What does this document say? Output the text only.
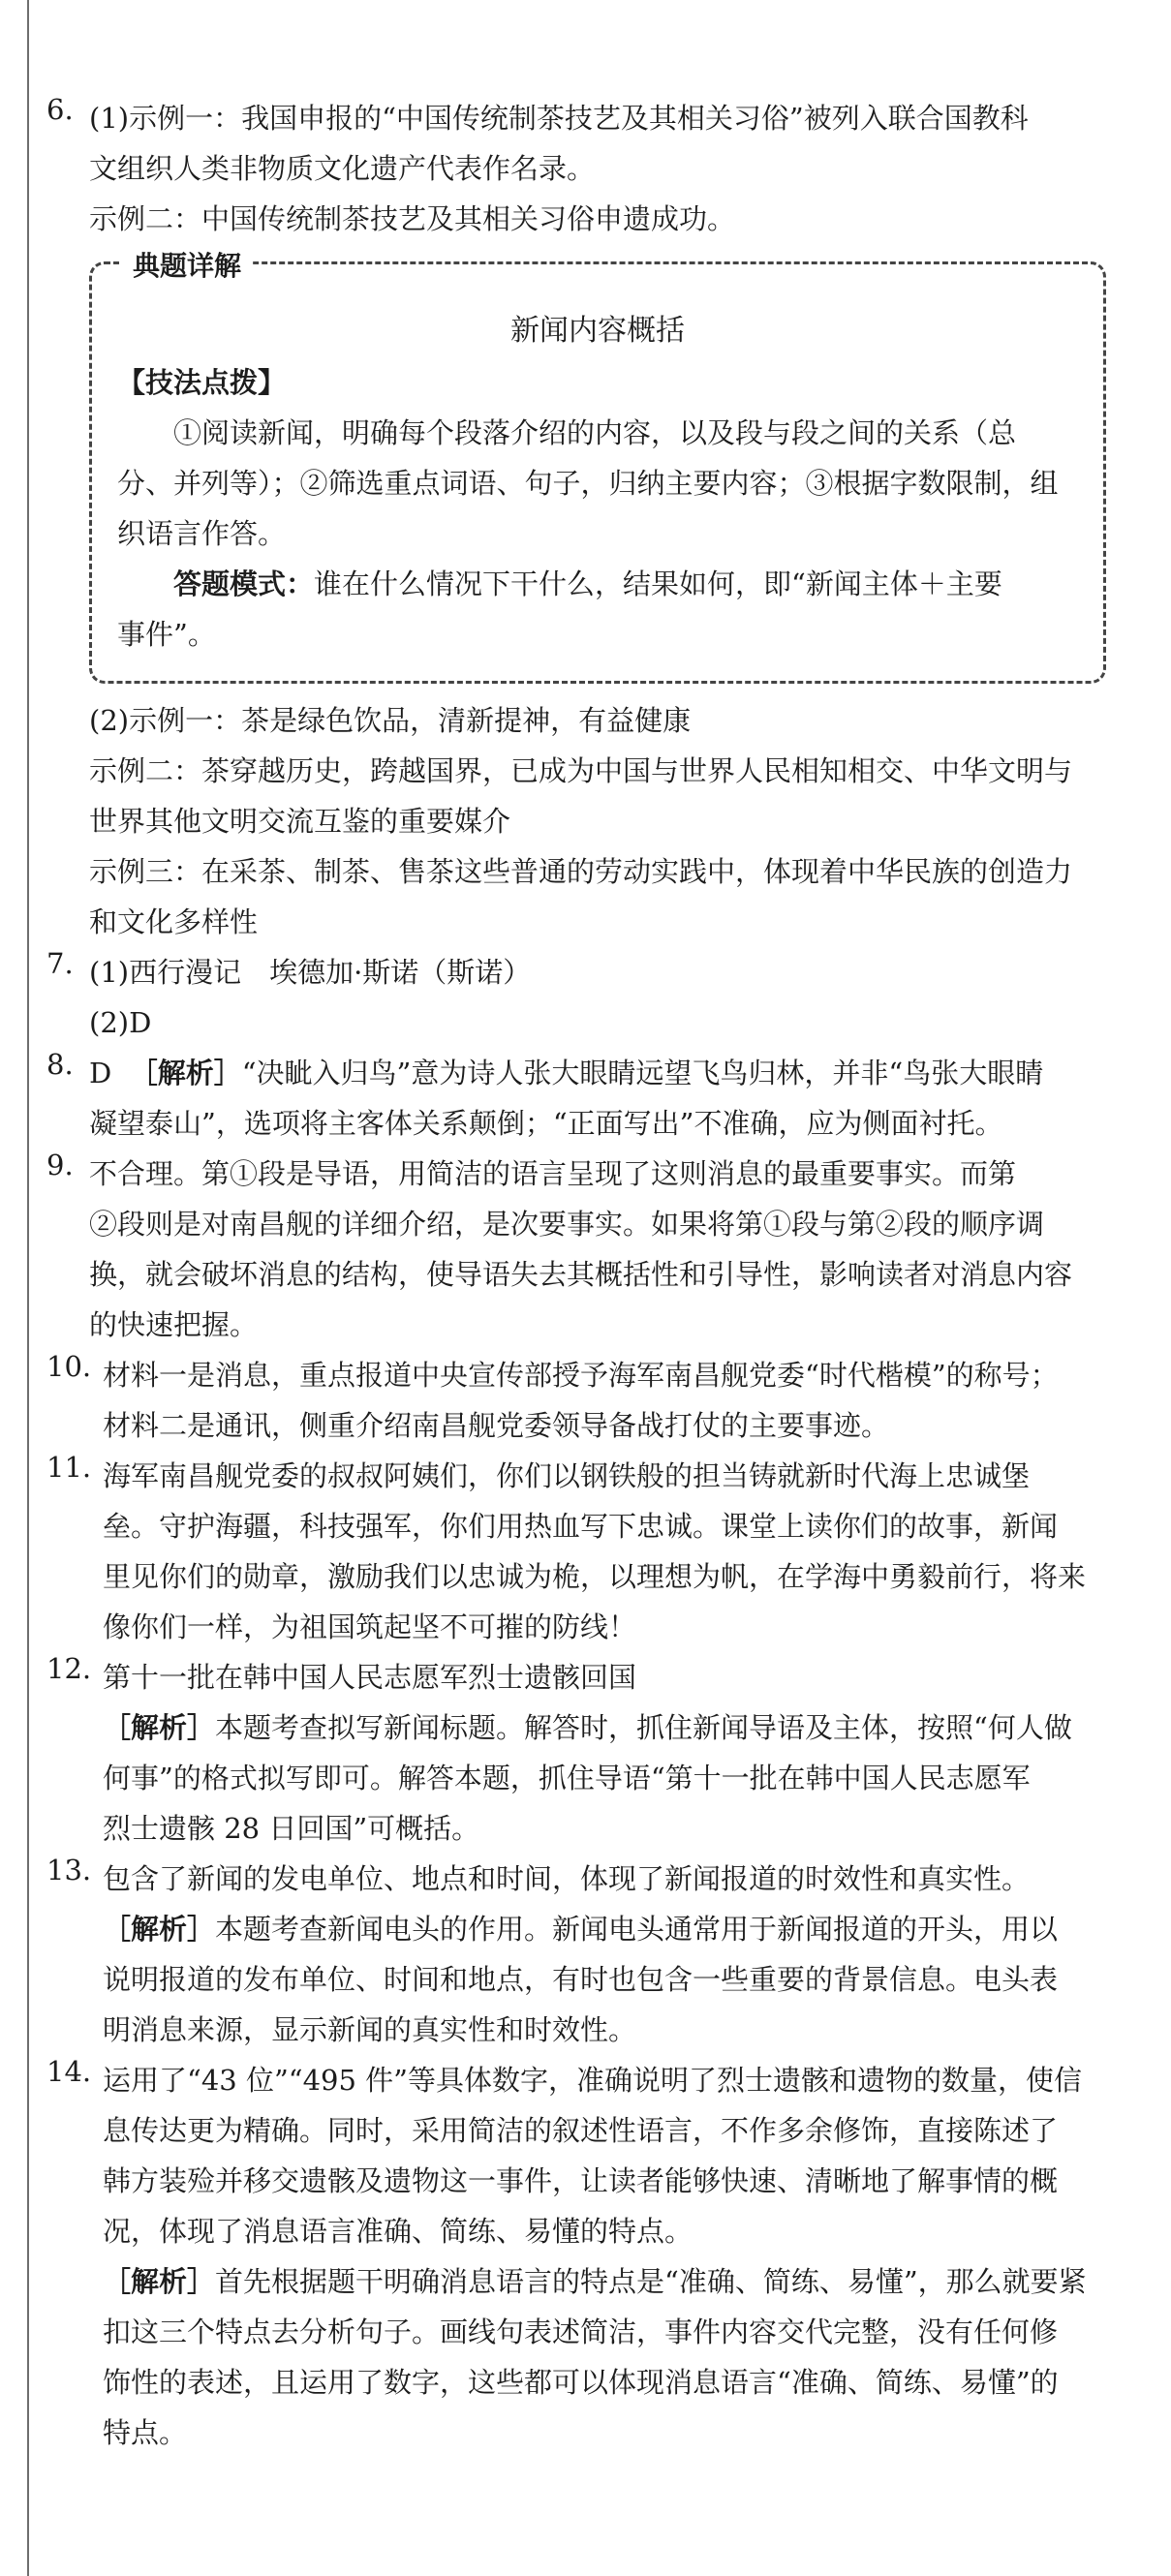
6. (1)示例一：我国申报的“中国传统制茶技艺及其相关习俗”被列入联合国教科
文组织人类非物质文化遗产代表作名录。
示例二：中国传统制茶技艺及其相关习俗申遗成功。
典题详解
新闻内容概括
【技法点拨】
①阅读新闻，明确每个段落介绍的内容，以及段与段之间的关系（总
分、并列等）；②筛选重点词语、句子，归纳主要内容；③根据字数限制，组
织语言作答。
答题模式：谁在什么情况下干什么，结果如何，即“新闻主体＋主要
事件”。
(2)示例一：茶是绿色饮品，清新提神，有益健康
示例二：茶穿越历史，跨越国界，已成为中国与世界人民相知相交、中华文明与
世界其他文明交流互鉴的重要媒介
示例三：在采茶、制茶、售茶这些普通的劳动实践中，体现着中华民族的创造力
和文化多样性
7. (1)西行漫记　埃德加·斯诺（斯诺）
(2)D
8. D ［解析］“决眦入归鸟”意为诗人张大眼睛远望飞鸟归林，并非“鸟张大眼睛
凝望泰山”，选项将主客体关系颠倒；“正面写出”不准确，应为侧面衬托。
9. 不合理。第①段是导语，用简洁的语言呈现了这则消息的最重要事实。而第
②段则是对南昌舰的详细介绍，是次要事实。如果将第①段与第②段的顺序调
换，就会破坏消息的结构，使导语失去其概括性和引导性，影响读者对消息内容
的快速把握。
10. 材料一是消息，重点报道中央宣传部授予海军南昌舰党委“时代楷模”的称号；
材料二是通讯，侧重介绍南昌舰党委领导备战打仗的主要事迹。
11. 海军南昌舰党委的叔叔阿姨们，你们以钢铁般的担当铸就新时代海上忠诚堡
垒。守护海疆，科技强军，你们用热血写下忠诚。课堂上读你们的故事，新闻
里见你们的勋章，激励我们以忠诚为桅，以理想为帆，在学海中勇毅前行，将来
像你们一样，为祖国筑起坚不可摧的防线！
12. 第十一批在韩中国人民志愿军烈士遗骸回国
［解析］本题考查拟写新闻标题。解答时，抓住新闻导语及主体，按照“何人做
何事”的格式拟写即可。解答本题，抓住导语“第十一批在韩中国人民志愿军
烈士遗骸 28 日回国”可概括。
13. 包含了新闻的发电单位、地点和时间，体现了新闻报道的时效性和真实性。
［解析］本题考查新闻电头的作用。新闻电头通常用于新闻报道的开头，用以
说明报道的发布单位、时间和地点，有时也包含一些重要的背景信息。电头表
明消息来源，显示新闻的真实性和时效性。
14. 运用了“43 位”“495 件”等具体数字，准确说明了烈士遗骸和遗物的数量，使信
息传达更为精确。同时，采用简洁的叙述性语言，不作多余修饰，直接陈述了
韩方装殓并移交遗骸及遗物这一事件，让读者能够快速、清晰地了解事情的概
况，体现了消息语言准确、简练、易懂的特点。
［解析］首先根据题干明确消息语言的特点是“准确、简练、易懂”，那么就要紧
扣这三个特点去分析句子。画线句表述简洁，事件内容交代完整，没有任何修
饰性的表述，且运用了数字，这些都可以体现消息语言“准确、简练、易懂”的
特点。
